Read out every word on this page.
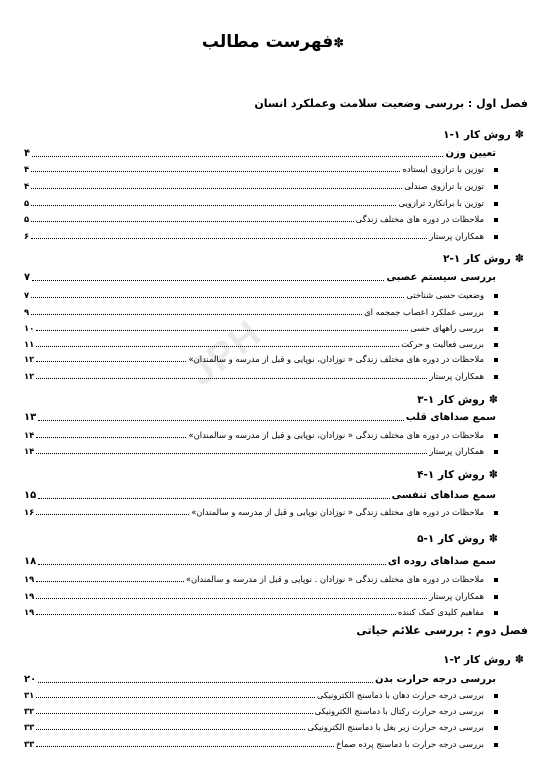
JPH
✽فهرست مطالب
فصل اول : بررسی وضعیت سلامت وعملکرد انسان
✽روش کار ۱-۱
تعیین وزن
۴
توزین با ترازوی ایستاده
۴
توزین با ترازوی صندلی
۴
توزین با برانکارد ترازویی
۵
ملاحظات در دوره های مختلف زندگی
۵
همکاران پرستار
۶
✽روش کار ۱-۲
بررسی سیستم عصبی
۷
وضعیت حسی شناختی
۷
بررسی عملکرد اعصاب جمجمه ای
۹
بررسی راههای حسی
۱۰
بررسی فعالیت و حرکت
۱۱
ملاحظات در دوره های مختلف زندگی « نوزادان، نوپایی و قبل از مدرسه و سالمندان»
۱۲
همکاران پرستار
۱۲
✽روش کار ۱-۳
سمع صداهای قلب
۱۳
ملاحظات در دوره های مختلف زندگی « نوزادان، نوپایی و قبل از مدرسه و سالمندان»
۱۴
همکاران پرستار
۱۴
✽روش کار ۱-۴
سمع صداهای تنفسی
۱۵
ملاحظات در دوره های مختلف زندگی « نوزادان نوپایی و قبل از مدرسه و سالمندان»
۱۶
✽روش کار ۱-۵
سمع صداهای روده ای
۱۸
ملاحظات در دوره های مختلف زندگی « نوزادان . نوپایی و قبل از مدرسه و سالمندان»
۱۹
همکاران پرستار
۱۹
مفاهیم کلیدی کمک کننده
۱۹
فصل دوم : بررسی علائم حیاتی
✽روش کار ۲-۱
بررسی درجه حرارت بدن
۲۰
بررسی درجه حرارت دهان با دماسنج الکترونیکی
۳۱
بررسی درجه حرارت رکتال با دماسنج الکترونیکی
۳۲
بررسی درجه حرارت زیر بغل با دماسنج الکترونیکی
۳۳
بررسی درجه حرارت با دماسنج پرده صماخ
۳۳
